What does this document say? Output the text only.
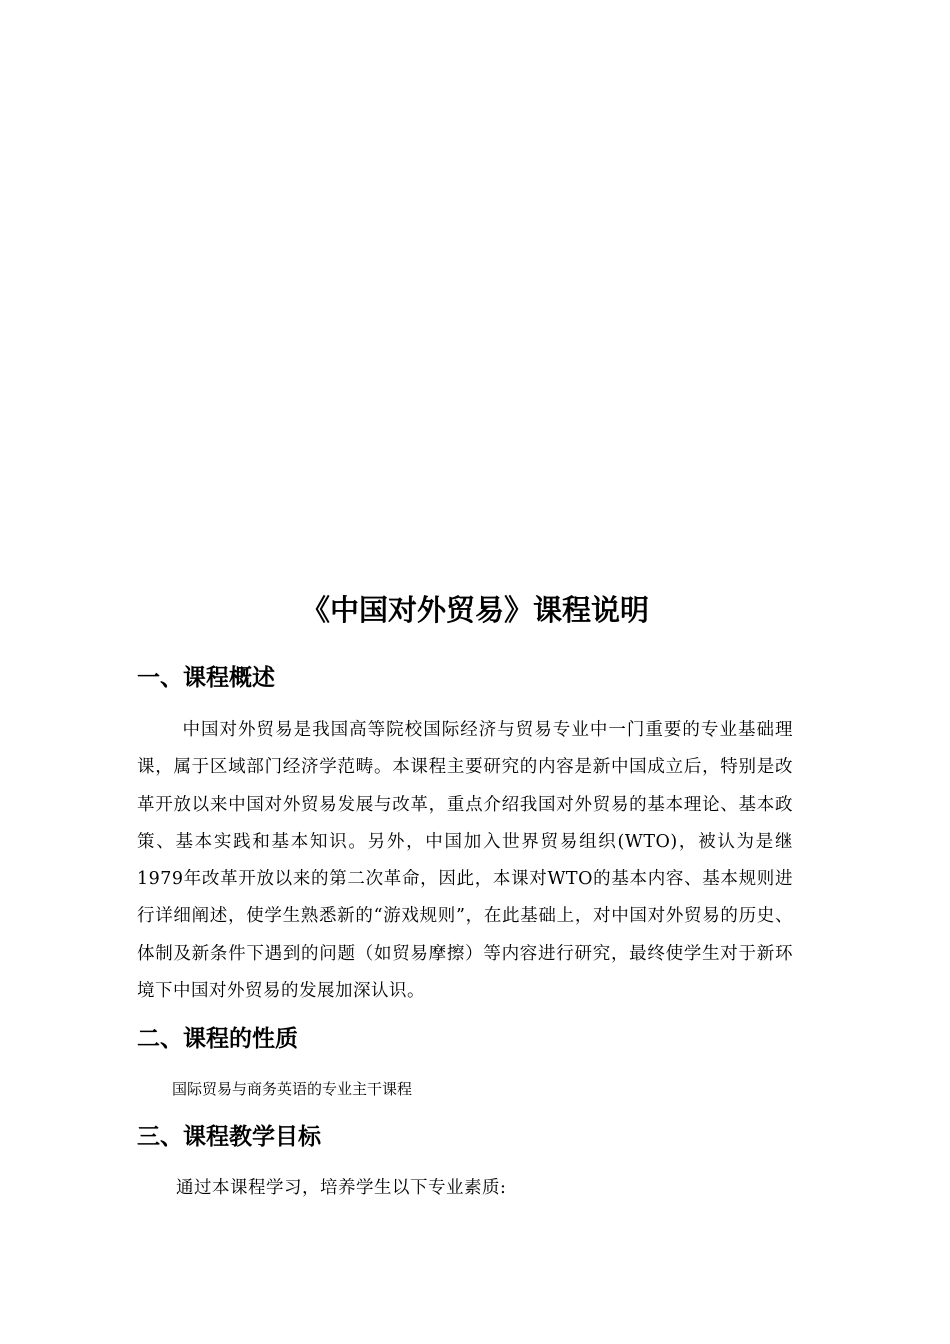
《中国对外贸易》课程说明
一、课程概述

中国对外贸易是我国高等院校国际经济与贸易专业中一门重要的专业基础理课，属于区域部门经济学范畴。本课程主要研究的内容是新中国成立后，特别是改革开放以来中国对外贸易发展与改革，重点介绍我国对外贸易的基本理论、基本政策、基本实践和基本知识。另外，中国加入世界贸易组织(WTO)，被认为是继1979年改革开放以来的第二次革命，因此，本课对WTO的基本内容、基本规则进行详细阐述，使学生熟悉新的“游戏规则”，在此基础上，对中国对外贸易的历史、体制及新条件下遇到的问题（如贸易摩擦）等内容进行研究，最终使学生对于新环境下中国对外贸易的发展加深认识。

二、课程的性质

国际贸易与商务英语的专业主干课程

三、课程教学目标

通过本课程学习，培养学生以下专业素质:
